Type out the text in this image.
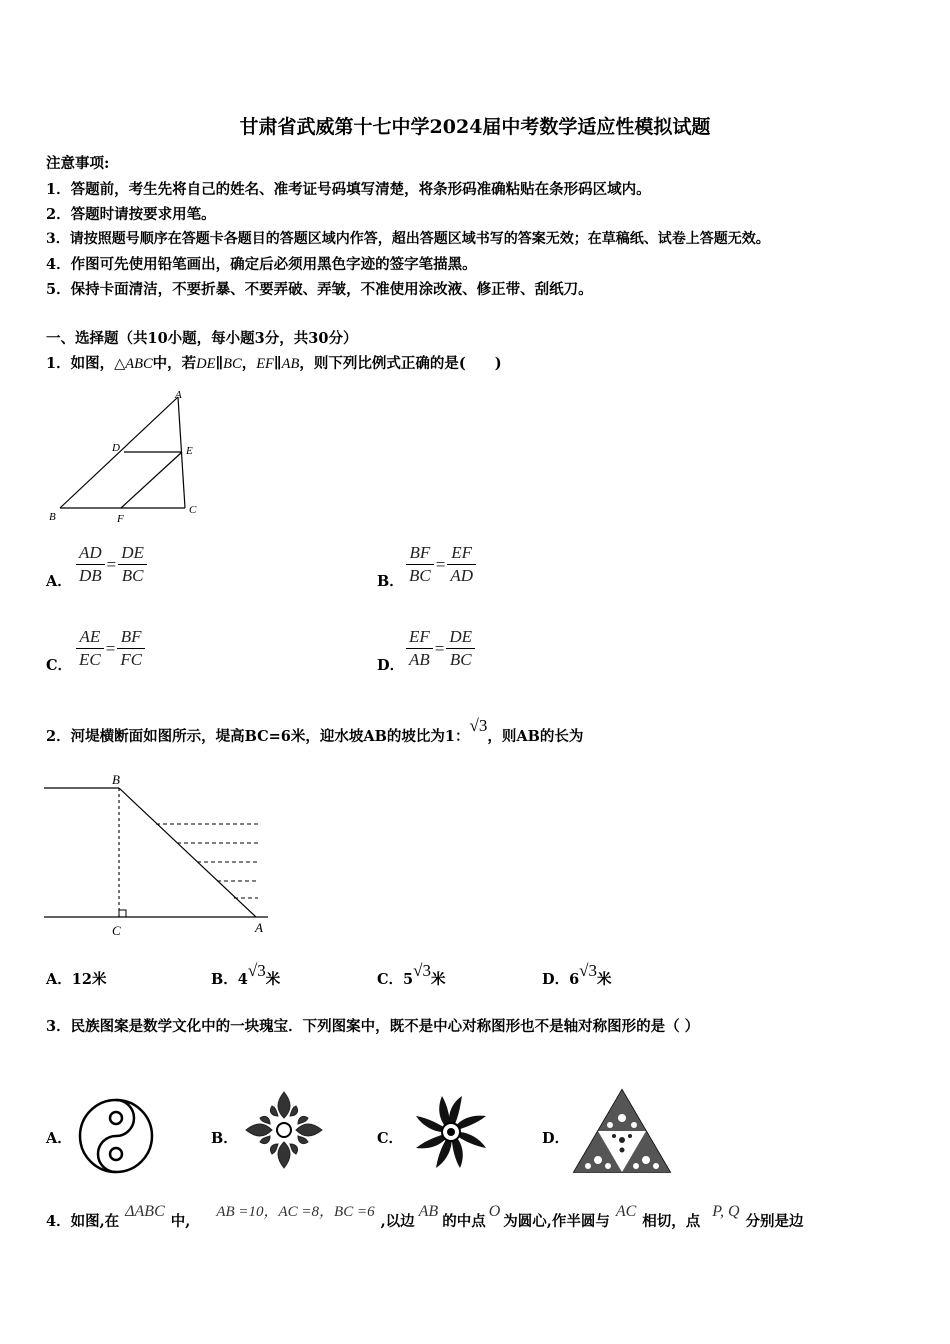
甘肃省武威第十七中学2024届中考数学适应性模拟试题
注意事项:
1．答题前，考生先将自己的姓名、准考证号码填写清楚，将条形码准确粘贴在条形码区域内。
2．答题时请按要求用笔。
3．请按照题号顺序在答题卡各题目的答题区域内作答，超出答题区域书写的答案无效；在草稿纸、试卷上答题无效。
4．作图可先使用铅笔画出，确定后必须用黑色字迹的签字笔描黑。
5．保持卡面清洁，不要折暴、不要弄破、弄皱，不准使用涂改液、修正带、刮纸刀。
一、选择题（共10小题，每小题3分，共30分）
1．如图，△ABC中，若DE∥BC，EF∥AB，则下列比例式正确的是(　　)
A
B
C
D	E
F
A． $\frac{AD}{DB} = \frac{DE}{BC}$	B． $\frac{BF}{BC} = \frac{EF}{AD}$
C． $\frac{AE}{EC} = \frac{BF}{FC}$	D． $\frac{EF}{AB} = \frac{DE}{BC}$
2．河堤横断面如图所示，堤高BC=6米，迎水坡AB的坡比为1：√3，则AB的长为
B
C	A
A．12米	B．4√3米	C．5√3米	D．6√3米
3．民族图案是数学文化中的一块瑰宝．下列图案中，既不是中心对称图形也不是轴对称图形的是（ ）
A．	B．	C．	D．
4．如图,在ΔABC中,AB =10，AC =8，BC =6,以边AB的中点O为圆心,作半圆与AC相切，点P, Q分别是边
